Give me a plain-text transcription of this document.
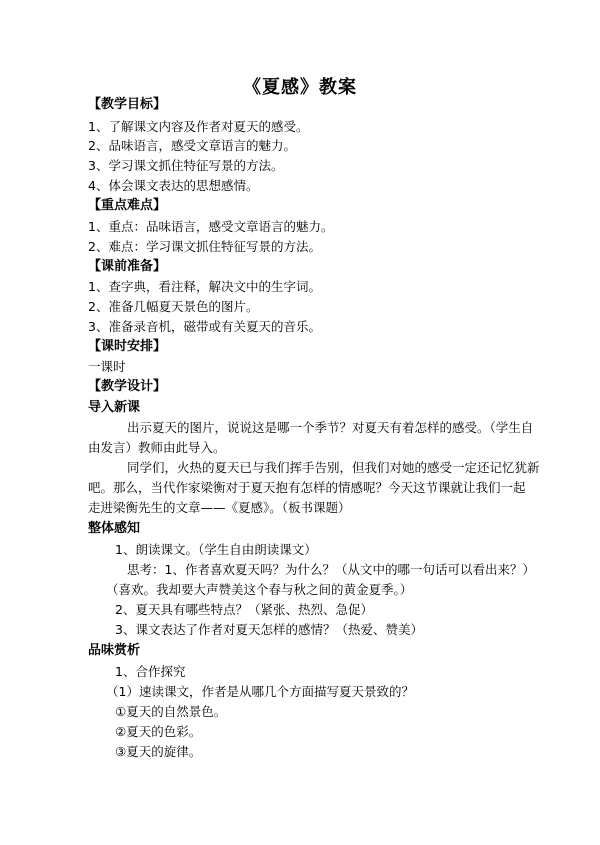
《夏感》教案
【教学目标】
1、了解课文内容及作者对夏天的感受。
2、品味语言，感受文章语言的魅力。
3、学习课文抓住特征写景的方法。
4、体会课文表达的思想感情。
【重点难点】
1、重点：品味语言，感受文章语言的魅力。
2、难点：学习课文抓住特征写景的方法。
【课前准备】
1、查字典，看注释，解决文中的生字词。
2、准备几幅夏天景色的图片。
3、准备录音机，磁带或有关夏天的音乐。
【课时安排】
一课时
【教学设计】
导入新课
出示夏天的图片，说说这是哪一个季节？对夏天有着怎样的感受。（学生自
由发言）教师由此导入。
同学们，火热的夏天已与我们挥手告别，但我们对她的感受一定还记忆犹新
吧。那么，当代作家梁衡对于夏天抱有怎样的情感呢？今天这节课就让我们一起
走进梁衡先生的文章——《夏感》。（板书课题）
整体感知
1、朗读课文。（学生自由朗读课文）
思考：1、作者喜欢夏天吗？为什么？（从文中的哪一句话可以看出来？）
（喜欢。我却要大声赞美这个春与秋之间的黄金夏季。）
2、夏天具有哪些特点？（紧张、热烈、急促）
3、课文表达了作者对夏天怎样的感情？（热爱、赞美）
品味赏析
1、合作探究
（1）速读课文，作者是从哪几个方面描写夏天景致的？
①夏天的自然景色。
②夏天的色彩。
③夏天的旋律。
